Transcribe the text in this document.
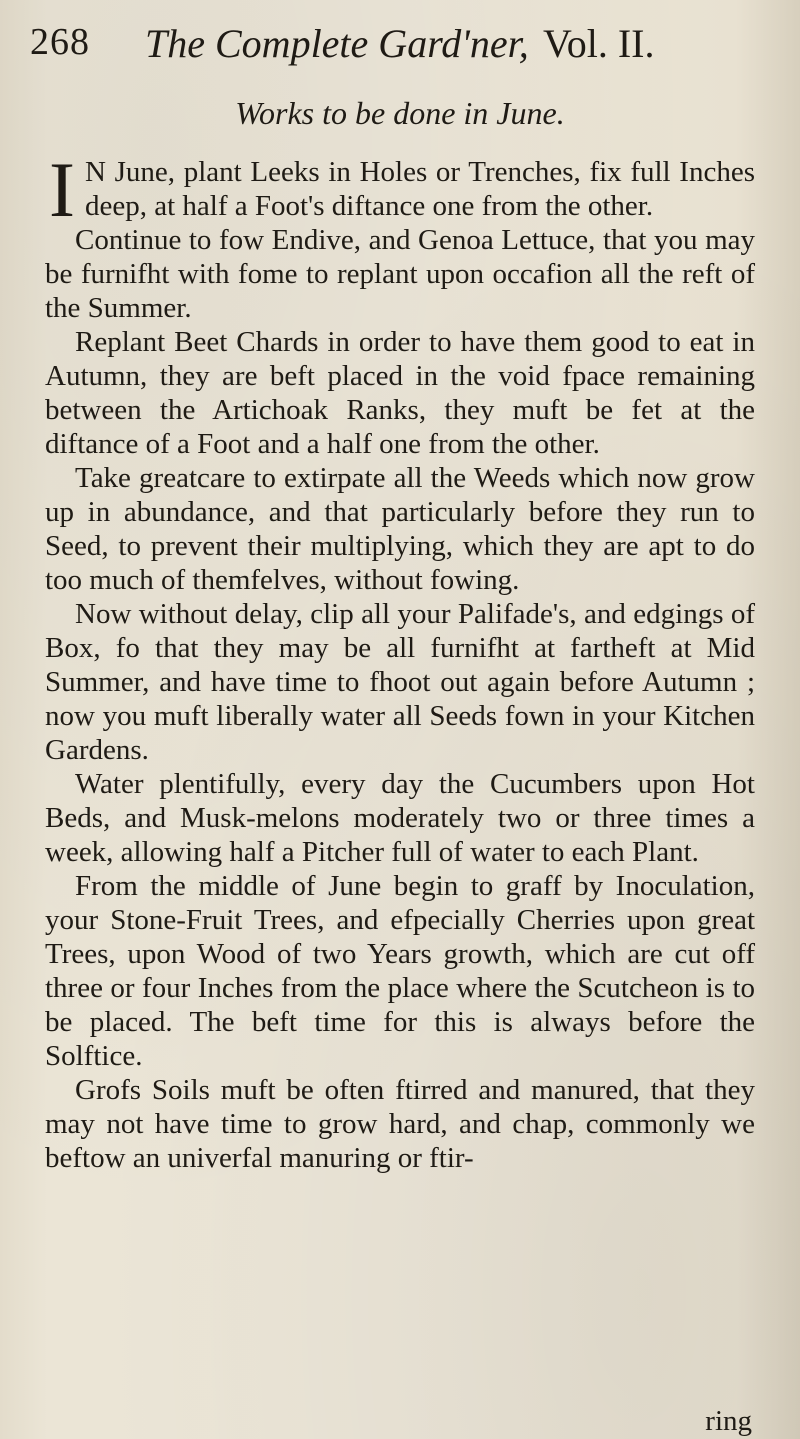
268 The Complete Gard'ner, Vol. II.
Works to be done in June.

I N June, plant Leeks in Holes or Trenches, fix full Inches deep, at half a Foot's diftance one from the other.

Continue to fow Endive, and Genoa Lettuce, that you may be furnifht with fome to replant upon occafion all the reft of the Summer.

Replant Beet Chards in order to have them good to eat in Autumn, they are beft placed in the void fpace remaining between the Artichoak Ranks, they muft be fet at the diftance of a Foot and a half one from the other.

Take greatcare to extirpate all the Weeds which now grow up in abundance, and that particularly before they run to Seed, to prevent their multiplying, which they are apt to do too much of themfelves, without fowing.

Now without delay, clip all your Palifade's, and edgings of Box, fo that they may be all furnifht at fartheft at Mid Summer, and have time to fhoot out again before Autumn ; now you muft liberally water all Seeds fown in your Kitchen Gardens.

Water plentifully, every day the Cucumbers upon Hot Beds, and Musk-melons moderately two or three times a week, allowing half a Pitcher full of water to each Plant.

From the middle of June begin to graff by Inoculation, your Stone-Fruit Trees, and efpecially Cherries upon great Trees, upon Wood of two Years growth, which are cut off three or four Inches from the place where the Scutcheon is to be placed. The beft time for this is always before the Solftice.

Grofs Soils muft be often ftirred and manured, that they may not have time to grow hard, and chap, commonly we beftow an univerfal manuring or ftir-

ring
